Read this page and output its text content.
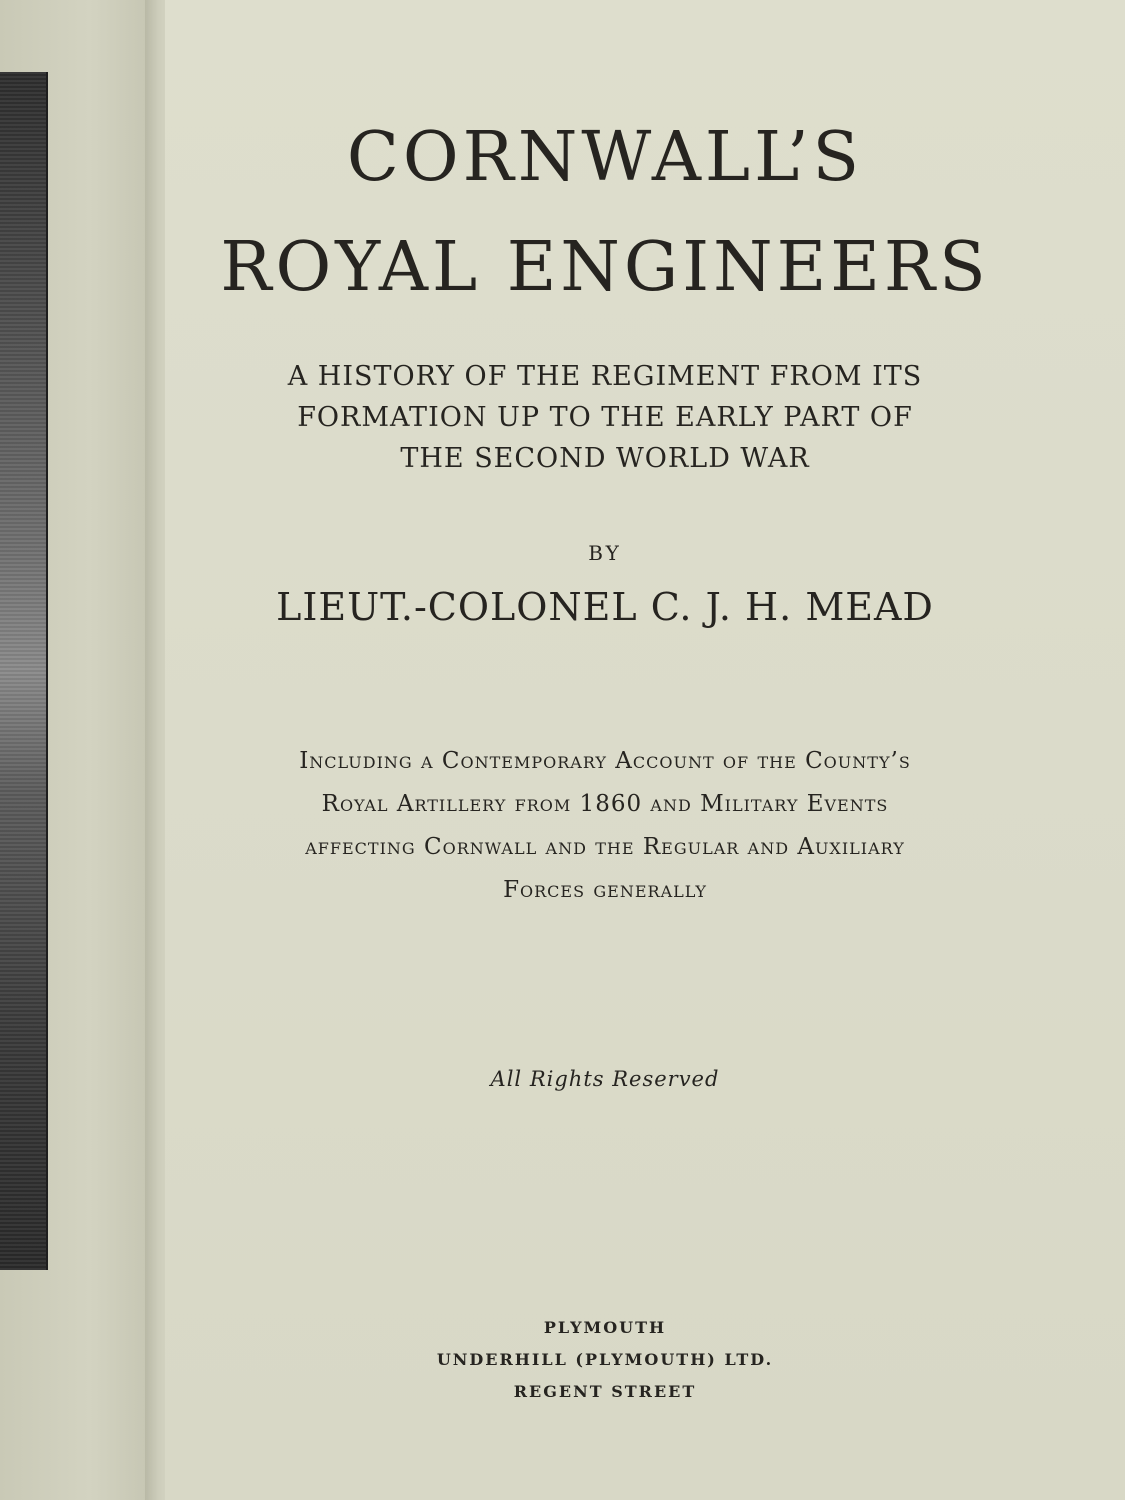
CORNWALL’S
ROYAL ENGINEERS
A HISTORY OF THE REGIMENT FROM ITS
FORMATION UP TO THE EARLY PART OF
THE SECOND WORLD WAR
BY
LIEUT.-COLONEL C. J. H. MEAD
Including a Contemporary Account of the County’s
Royal Artillery from 1860 and Military Events
affecting Cornwall and the Regular and Auxiliary
Forces generally
All Rights Reserved
PLYMOUTH
UNDERHILL (PLYMOUTH) LTD.
REGENT STREET
